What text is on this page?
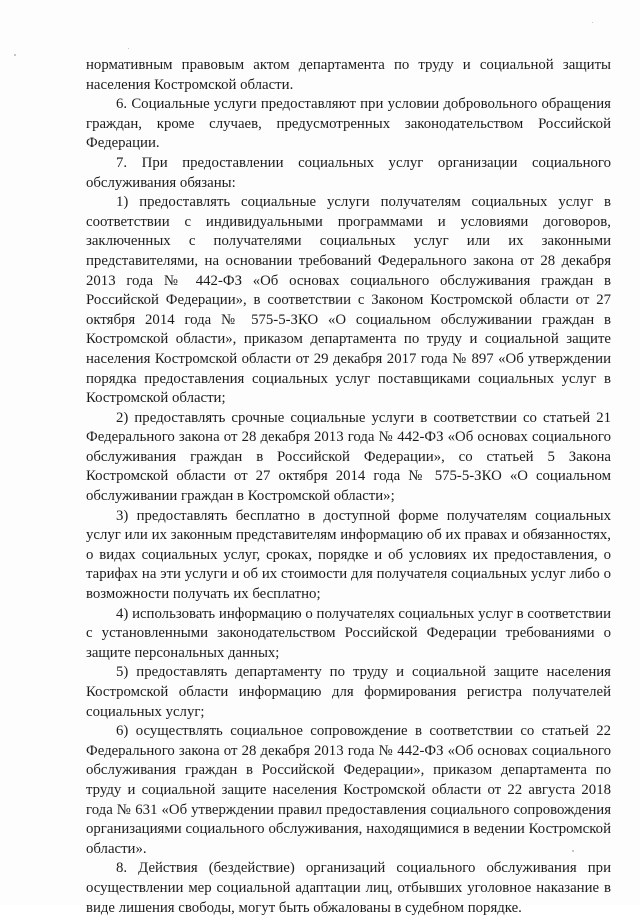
нормативным правовым актом департамента по труду и социальной защиты населения Костромской области.

6. Социальные услуги предоставляют при условии добровольного обращения граждан, кроме случаев, предусмотренных законодательством Российской Федерации.

7. При предоставлении социальных услуг организации социального обслуживания обязаны:

1) предоставлять социальные услуги получателям социальных услуг в соответствии с индивидуальными программами и условиями договоров, заключенных с получателями социальных услуг или их законными представителями, на основании требований Федерального закона от 28 декабря 2013 года № 442-ФЗ «Об основах социального обслуживания граждан в Российской Федерации», в соответствии с Законом Костромской области от 27 октября 2014 года № 575-5-ЗКО «О социальном обслуживании граждан в Костромской области», приказом департамента по труду и социальной защите населения Костромской области от 29 декабря 2017 года № 897 «Об утверждении порядка предоставления социальных услуг поставщиками социальных услуг в Костромской области;

2) предоставлять срочные социальные услуги в соответствии со статьей 21 Федерального закона от 28 декабря 2013 года № 442-ФЗ «Об основах социального обслуживания граждан в Российской Федерации», со статьей 5 Закона Костромской области от 27 октября 2014 года № 575-5-ЗКО «О социальном обслуживании граждан в Костромской области»;

3) предоставлять бесплатно в доступной форме получателям социальных услуг или их законным представителям информацию об их правах и обязанностях, о видах социальных услуг, сроках, порядке и об условиях их предоставления, о тарифах на эти услуги и об их стоимости для получателя социальных услуг либо о возможности получать их бесплатно;

4) использовать информацию о получателях социальных услуг в соответствии с установленными законодательством Российской Федерации требованиями о защите персональных данных;

5) предоставлять департаменту по труду и социальной защите населения Костромской области информацию для формирования регистра получателей социальных услуг;

6) осуществлять социальное сопровождение в соответствии со статьей 22 Федерального закона от 28 декабря 2013 года № 442-ФЗ «Об основах социального обслуживания граждан в Российской Федерации», приказом департамента по труду и социальной защите населения Костромской области от 22 августа 2018 года № 631 «Об утверждении правил предоставления социального сопровождения организациями социального обслуживания, находящимися в ведении Костромской области».

8. Действия (бездействие) организаций социального обслуживания при осуществлении мер социальной адаптации лиц, отбывших уголовное наказание в виде лишения свободы, могут быть обжалованы в судебном порядке.
